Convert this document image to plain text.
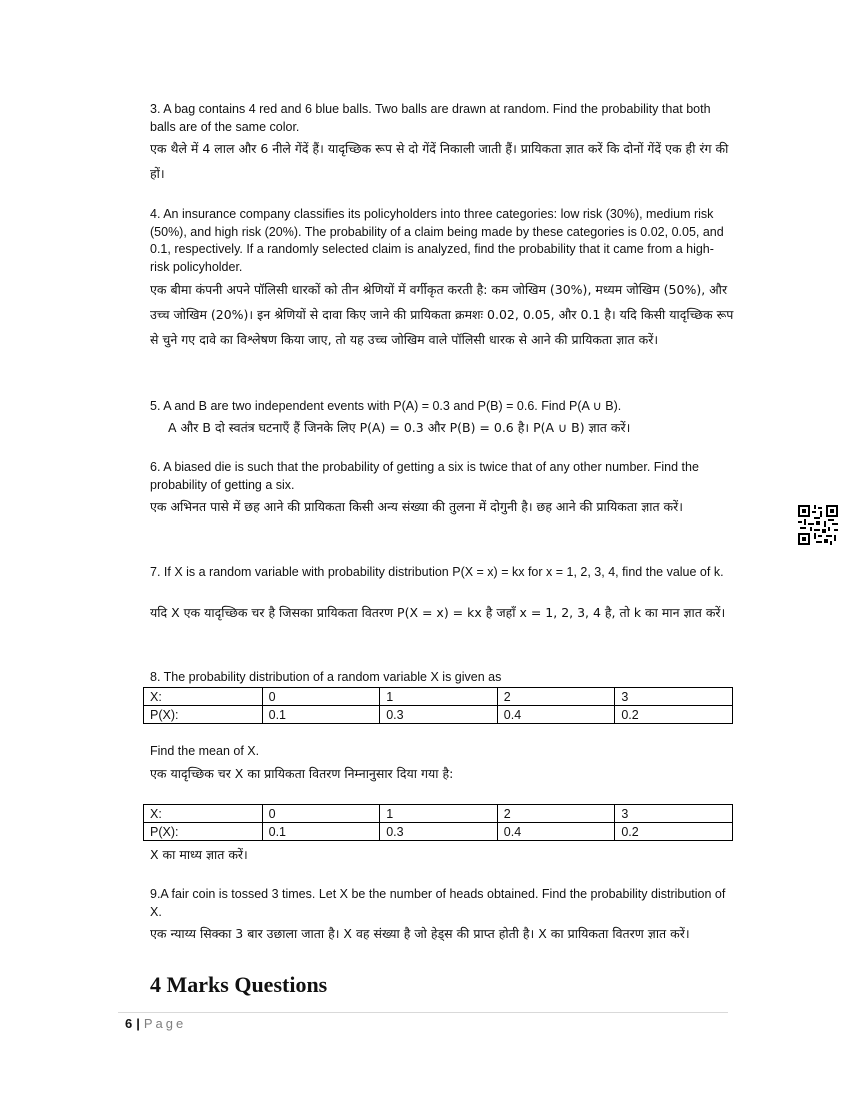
3. A bag contains 4 red and 6 blue balls. Two balls are drawn at random. Find the probability that both balls are of the same color.

एक थैले में 4 लाल और 6 नीले गेंदें हैं। यादृच्छिक रूप से दो गेंदें निकाली जाती हैं। प्रायिकता ज्ञात करें कि दोनों गेंदें एक ही रंग की हों।

4. An insurance company classifies its policyholders into three categories: low risk (30%), medium risk (50%), and high risk (20%). The probability of a claim being made by these categories is 0.02, 0.05, and 0.1, respectively. If a randomly selected claim is analyzed, find the probability that it came from a high-risk policyholder.

एक बीमा कंपनी अपने पॉलिसी धारकों को तीन श्रेणियों में वर्गीकृत करती है: कम जोखिम (30%), मध्यम जोखिम (50%), और उच्च जोखिम (20%)। इन श्रेणियों से दावा किए जाने की प्रायिकता क्रमशः 0.02, 0.05, और 0.1 है। यदि किसी यादृच्छिक रूप से चुने गए दावे का विश्लेषण किया जाए, तो यह उच्च जोखिम वाले पॉलिसी धारक से आने की प्रायिकता ज्ञात करें।

5. A and B are two independent events with P(A) = 0.3 and P(B) = 0.6. Find P(A ∪ B).

A और B दो स्वतंत्र घटनाएँ हैं जिनके लिए P(A) = 0.3 और P(B) = 0.6 है। P(A ∪ B) ज्ञात करें।

6. A biased die is such that the probability of getting a six is twice that of any other number. Find the probability of getting a six.

एक अभिनत पासे में छह आने की प्रायिकता किसी अन्य संख्या की तुलना में दोगुनी है। छह आने की प्रायिकता ज्ञात करें।

7. If X is a random variable with probability distribution P(X = x) = kx for x = 1, 2, 3, 4, find the value of k.

यदि X एक यादृच्छिक चर है जिसका प्रायिकता वितरण P(X = x) = kx है जहाँ x = 1, 2, 3, 4 है, तो k का मान ज्ञात करें।

8. The probability distribution of a random variable X is given as

X:	0	1	2	3
P(X):	0.1	0.3	0.4	0.2

Find the mean of X.

एक यादृच्छिक चर X का प्रायिकता वितरण निम्नानुसार दिया गया है:

X:	0	1	2	3
P(X):	0.1	0.3	0.4	0.2

X का माध्य ज्ञात करें।

9.A fair coin is tossed 3 times. Let X be the number of heads obtained. Find the probability distribution of X.

एक न्याय्य सिक्का 3 बार उछाला जाता है। X वह संख्या है जो हेड्स की प्राप्त होती है। X का प्रायिकता वितरण ज्ञात करें।

4 Marks Questions
6 | Page
